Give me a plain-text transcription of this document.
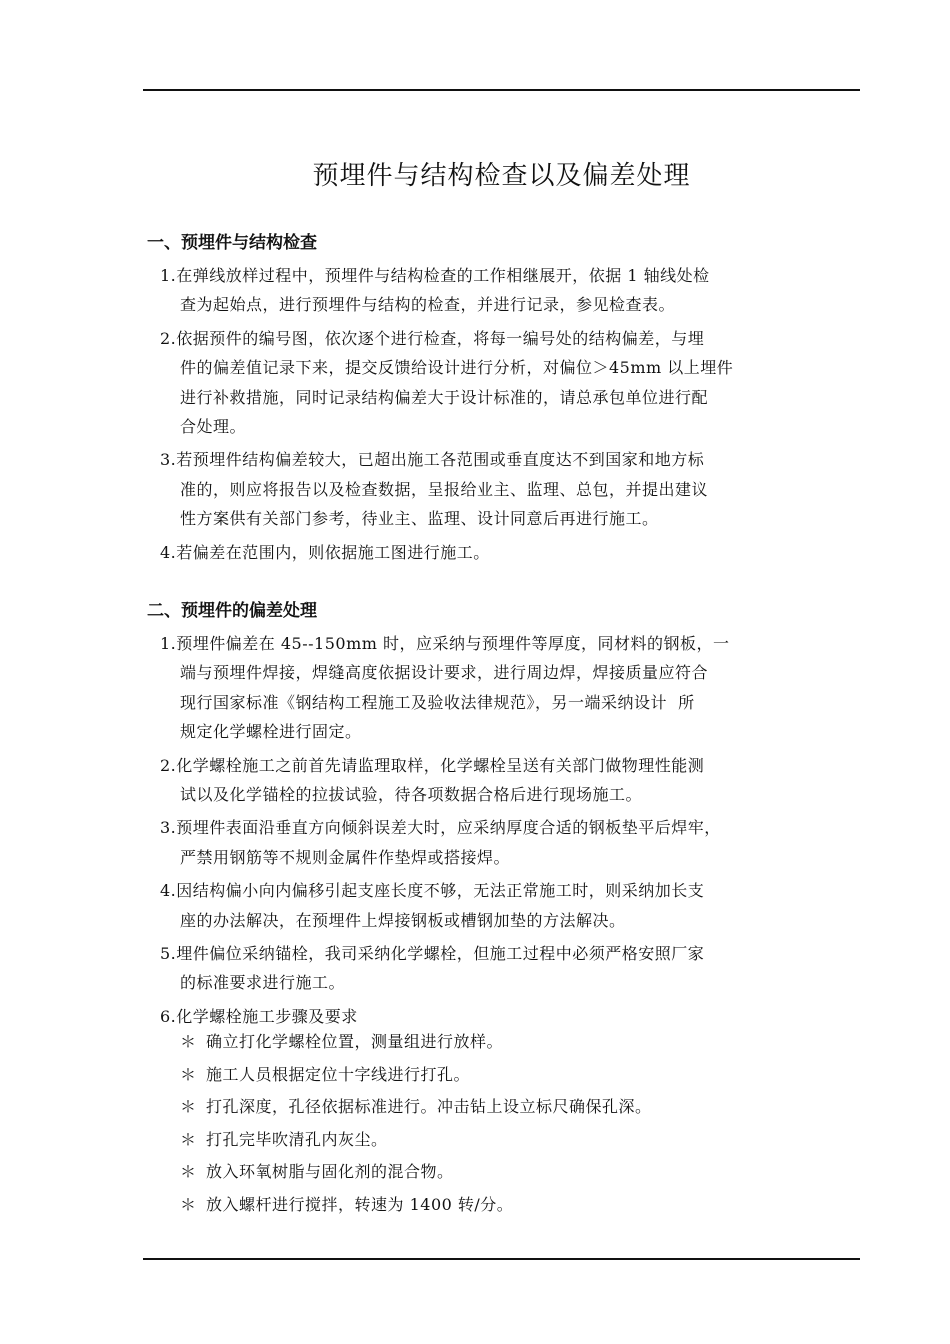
预埋件与结构检查以及偏差处理
一、预埋件与结构检查
1.在弹线放样过程中，预埋件与结构检查的工作相继展开，依据 1 轴线处检
查为起始点，进行预埋件与结构的检查，并进行记录，参见检查表。
2.依据预件的编号图，依次逐个进行检查，将每一编号处的结构偏差，与埋
件的偏差值记录下来，提交反馈给设计进行分析，对偏位＞45mm 以上埋件
进行补救措施，同时记录结构偏差大于设计标准的，请总承包单位进行配
合处理。
3.若预埋件结构偏差较大，已超出施工各范围或垂直度达不到国家和地方标
准的，则应将报告以及检查数据，呈报给业主、监理、总包，并提出建议
性方案供有关部门参考，待业主、监理、设计同意后再进行施工。
4.若偏差在范围内，则依据施工图进行施工。
二、预埋件的偏差处理
1.预埋件偏差在 45--150mm 时，应采纳与预埋件等厚度，同材料的钢板，一
端与预埋件焊接，焊缝高度依据设计要求，进行周边焊，焊接质量应符合
现行国家标准《钢结构工程施工及验收法律规范》，另一端采纳设计  所
规定化学螺栓进行固定。
2.化学螺栓施工之前首先请监理取样，化学螺栓呈送有关部门做物理性能测
试以及化学锚栓的拉拔试验，待各项数据合格后进行现场施工。
3.预埋件表面沿垂直方向倾斜误差大时，应采纳厚度合适的钢板垫平后焊牢，
严禁用钢筋等不规则金属件作垫焊或搭接焊。
4.因结构偏小向内偏移引起支座长度不够，无法正常施工时，则采纳加长支
座的办法解决，在预埋件上焊接钢板或槽钢加垫的方法解决。
5.埋件偏位采纳锚栓，我司采纳化学螺栓，但施工过程中必须严格安照厂家
的标准要求进行施工。
6.化学螺栓施工步骤及要求
＊ 确立打化学螺栓位置，测量组进行放样。
＊ 施工人员根据定位十字线进行打孔。
＊ 打孔深度，孔径依据标准进行。冲击钻上设立标尺确保孔深。
＊ 打孔完毕吹清孔内灰尘。
＊ 放入环氧树脂与固化剂的混合物。
＊ 放入螺杆进行搅拌，转速为 1400 转/分。
